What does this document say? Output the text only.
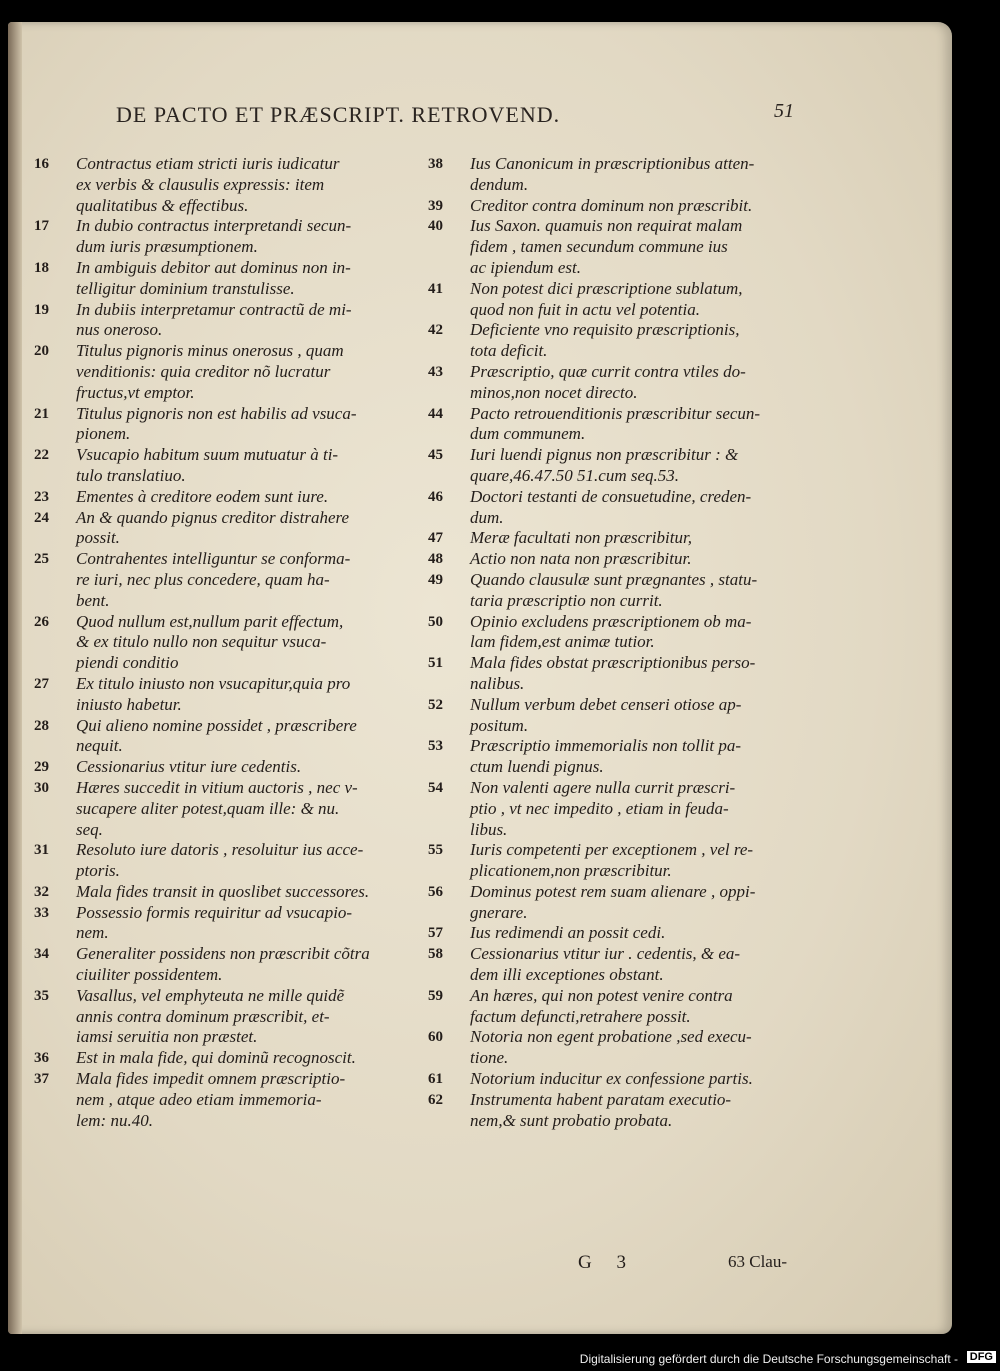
DE PACTO ET PRÆSCRIPT. RETROVEND.	51
16	Contractus etiam stricti iuris iudicatur
ex verbis & clausulis expressis: item
qualitatibus & effectibus.
17	In dubio contractus interpretandi secun-
dum iuris præsumptionem.
18	In ambiguis debitor aut dominus non in-
telligitur dominium transtulisse.
19	In dubiis interpretamur contractũ de mi-
nus oneroso.
20	Titulus pignoris minus onerosus , quam
venditionis: quia creditor nõ lucratur
fructus,vt emptor.
21	Titulus pignoris non est habilis ad vsuca-
pionem.
22	Vsucapio habitum suum mutuatur à ti-
tulo translatiuo.
23	Ementes à creditore eodem sunt iure.
24	An & quando pignus creditor distrahere
possit.
25	Contrahentes intelliguntur se conforma-
re iuri, nec plus concedere, quam ha-
bent.
26	Quod nullum est,nullum parit effectum,
& ex titulo nullo non sequitur vsuca-
piendi conditio
27	Ex titulo iniusto non vsucapitur,quia pro
iniusto habetur.
28	Qui alieno nomine possidet , præscribere
nequit.
29	Cessionarius vtitur iure cedentis.
30	Hæres succedit in vitium auctoris , nec v-
sucapere aliter potest,quam ille: & nu.
seq.
31	Resoluto iure datoris , resoluitur ius acce-
ptoris.
32	Mala fides transit in quoslibet successores.
33	Possessio formis requiritur ad vsucapio-
nem.
34	Generaliter possidens non præscribit cõtra
ciuiliter possidentem.
35	Vasallus, vel emphyteuta ne mille quidẽ
annis contra dominum præscribit, et-
iamsi seruitia non præstet.
36	Est in mala fide, qui dominũ recognoscit.
37	Mala fides impedit omnem præscriptio-
nem , atque adeo etiam immemoria-
lem: nu.40.
38	Ius Canonicum in præscriptionibus atten-
dendum.
39	Creditor contra dominum non præscribit.
40	Ius Saxon. quamuis non requirat malam
fidem , tamen secundum commune ius
ac ipiendum est.
41	Non potest dici præscriptione sublatum,
quod non fuit in actu vel potentia.
42	Deficiente vno requisito præscriptionis,
tota deficit.
43	Præscriptio, quæ currit contra vtiles do-
minos,non nocet directo.
44	Pacto retrouenditionis præscribitur secun-
dum communem.
45	Iuri luendi pignus non præscribitur : &
quare,46.47.50 51.cum seq.53.
46	Doctori testanti de consuetudine, creden-
dum.
47	Meræ facultati non præscribitur,
48	Actio non nata non præscribitur.
49	Quando clausulæ sunt prægnantes , statu-
taria præscriptio non currit.
50	Opinio excludens præscriptionem ob ma-
lam fidem,est animæ tutior.
51	Mala fides obstat præscriptionibus perso-
nalibus.
52	Nullum verbum debet censeri otiose ap-
positum.
53	Præscriptio immemorialis non tollit pa-
ctum luendi pignus.
54	Non valenti agere nulla currit præscri-
ptio , vt nec impedito , etiam in feuda-
libus.
55	Iuris competenti per exceptionem , vel re-
plicationem,non præscribitur.
56	Dominus potest rem suam alienare , oppi-
gnerare.
57	Ius redimendi an possit cedi.
58	Cessionarius vtitur iur . cedentis, & ea-
dem illi exceptiones obstant.
59	An hæres, qui non potest venire contra
factum defuncti,retrahere possit.
60	Notoria non egent probatione ,sed execu-
tione.
61	Notorium inducitur ex confessione partis.
62	Instrumenta habent paratam executio-
nem,& sunt probatio probata.
G 3	63 Clau-
Digitalisierung gefördert durch die Deutsche Forschungsgemeinschaft - DFG
